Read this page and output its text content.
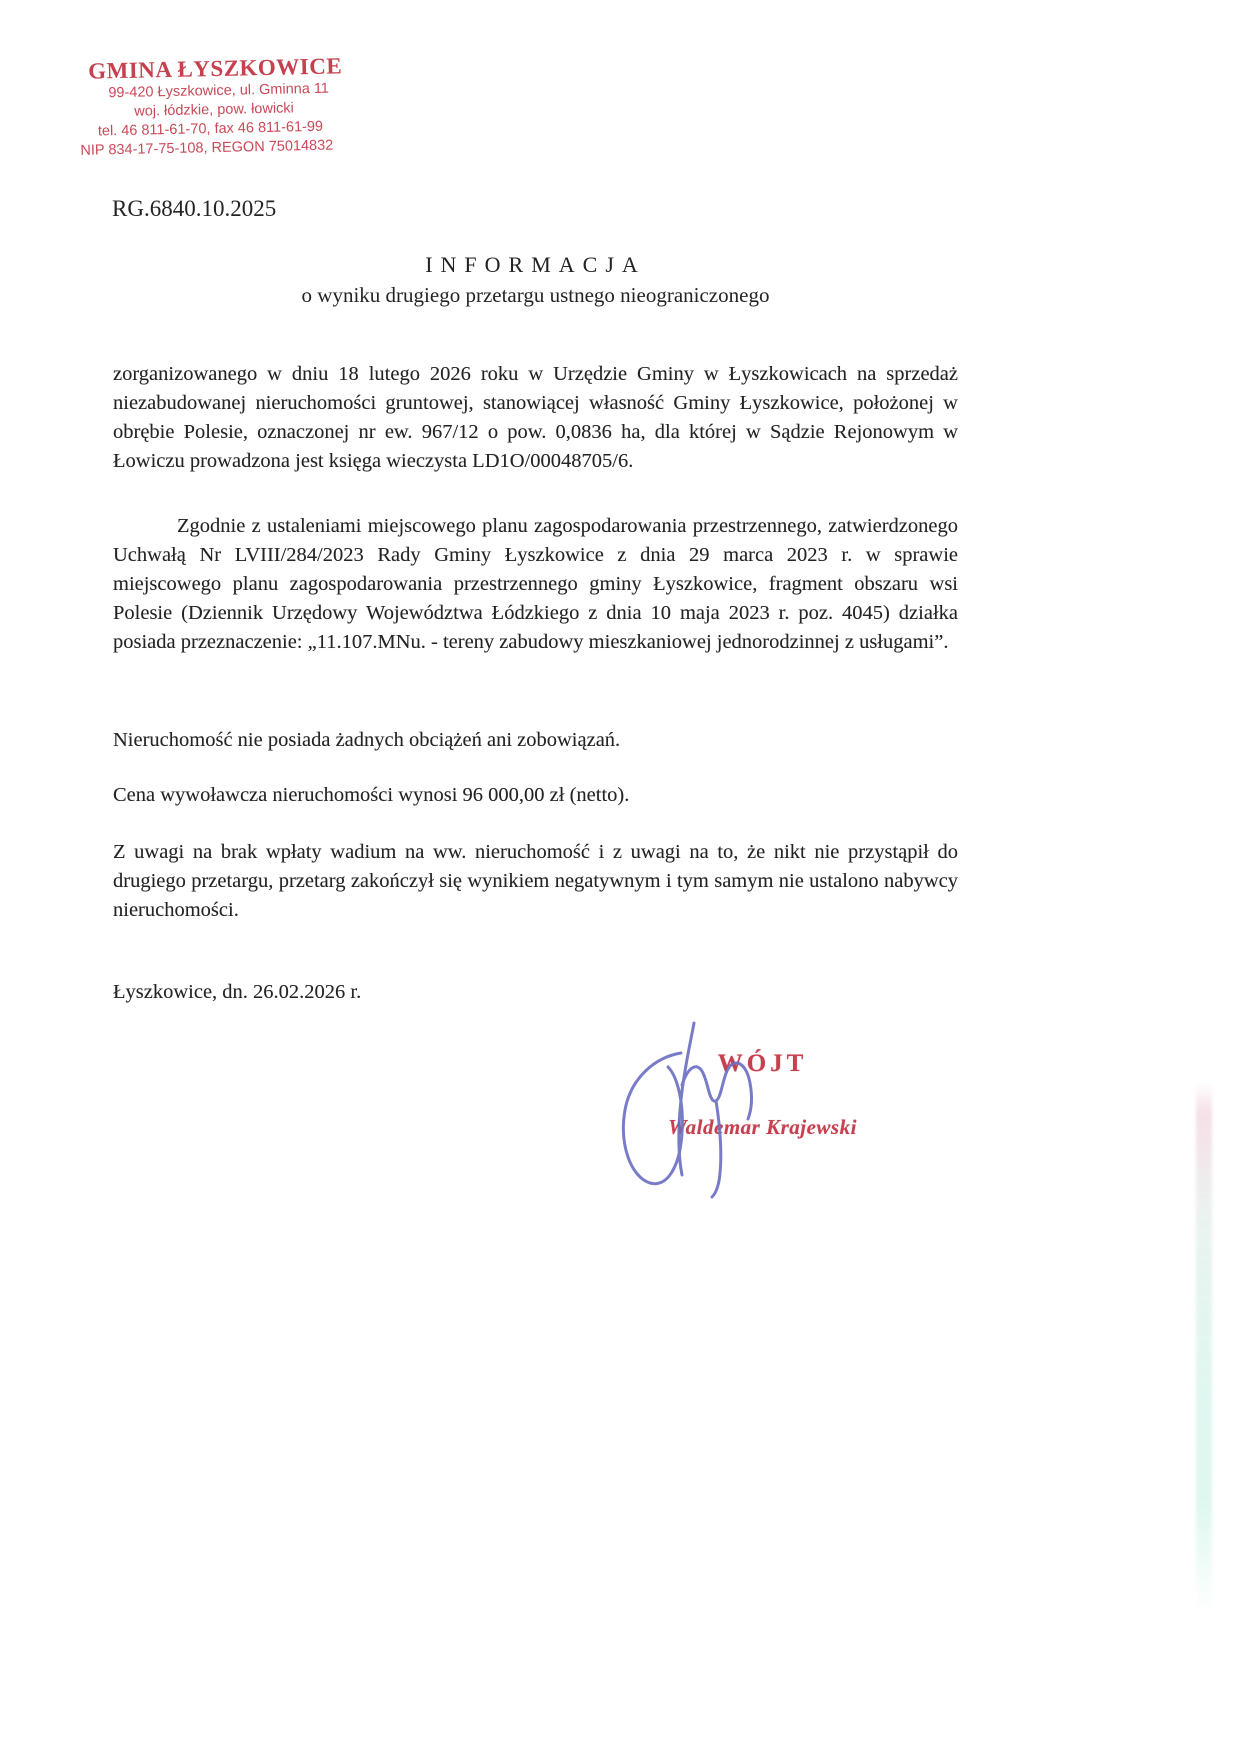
GMINA ŁYSZKOWICE
99-420 Łyszkowice, ul. Gminna 11
woj. łódzkie, pow. łowicki
tel. 46 811-61-70, fax 46 811-61-99
NIP 834-17-75-108, REGON 75014832
RG.6840.10.2025
INFORMACJA
o wyniku drugiego przetargu ustnego nieograniczonego
zorganizowanego w dniu 18 lutego 2026 roku w Urzędzie Gminy w Łyszkowicach na sprzedaż niezabudowanej nieruchomości gruntowej, stanowiącej własność Gminy Łyszkowice, położonej w obrębie Polesie, oznaczonej nr ew. 967/12 o pow. 0,0836 ha, dla której w Sądzie Rejonowym w Łowiczu prowadzona jest księga wieczysta LD1O/00048705/6.
Zgodnie z ustaleniami miejscowego planu zagospodarowania przestrzennego, zatwierdzonego Uchwałą Nr LVIII/284/2023 Rady Gminy Łyszkowice z dnia 29 marca 2023 r. w sprawie miejscowego planu zagospodarowania przestrzennego gminy Łyszkowice, fragment obszaru wsi Polesie (Dziennik Urzędowy Województwa Łódzkiego z dnia 10 maja 2023 r. poz. 4045) działka posiada przeznaczenie: „11.107.MNu. - tereny zabudowy mieszkaniowej jednorodzinnej z usługami”.
Nieruchomość nie posiada żadnych obciążeń ani zobowiązań.
Cena wywoławcza nieruchomości wynosi 96 000,00 zł (netto).
Z uwagi na brak wpłaty wadium na ww. nieruchomość i z uwagi na to, że nikt nie przystąpił do drugiego przetargu, przetarg zakończył się wynikiem negatywnym i tym samym nie ustalono nabywcy nieruchomości.
Łyszkowice, dn. 26.02.2026 r.
WÓJT
Waldemar Krajewski
